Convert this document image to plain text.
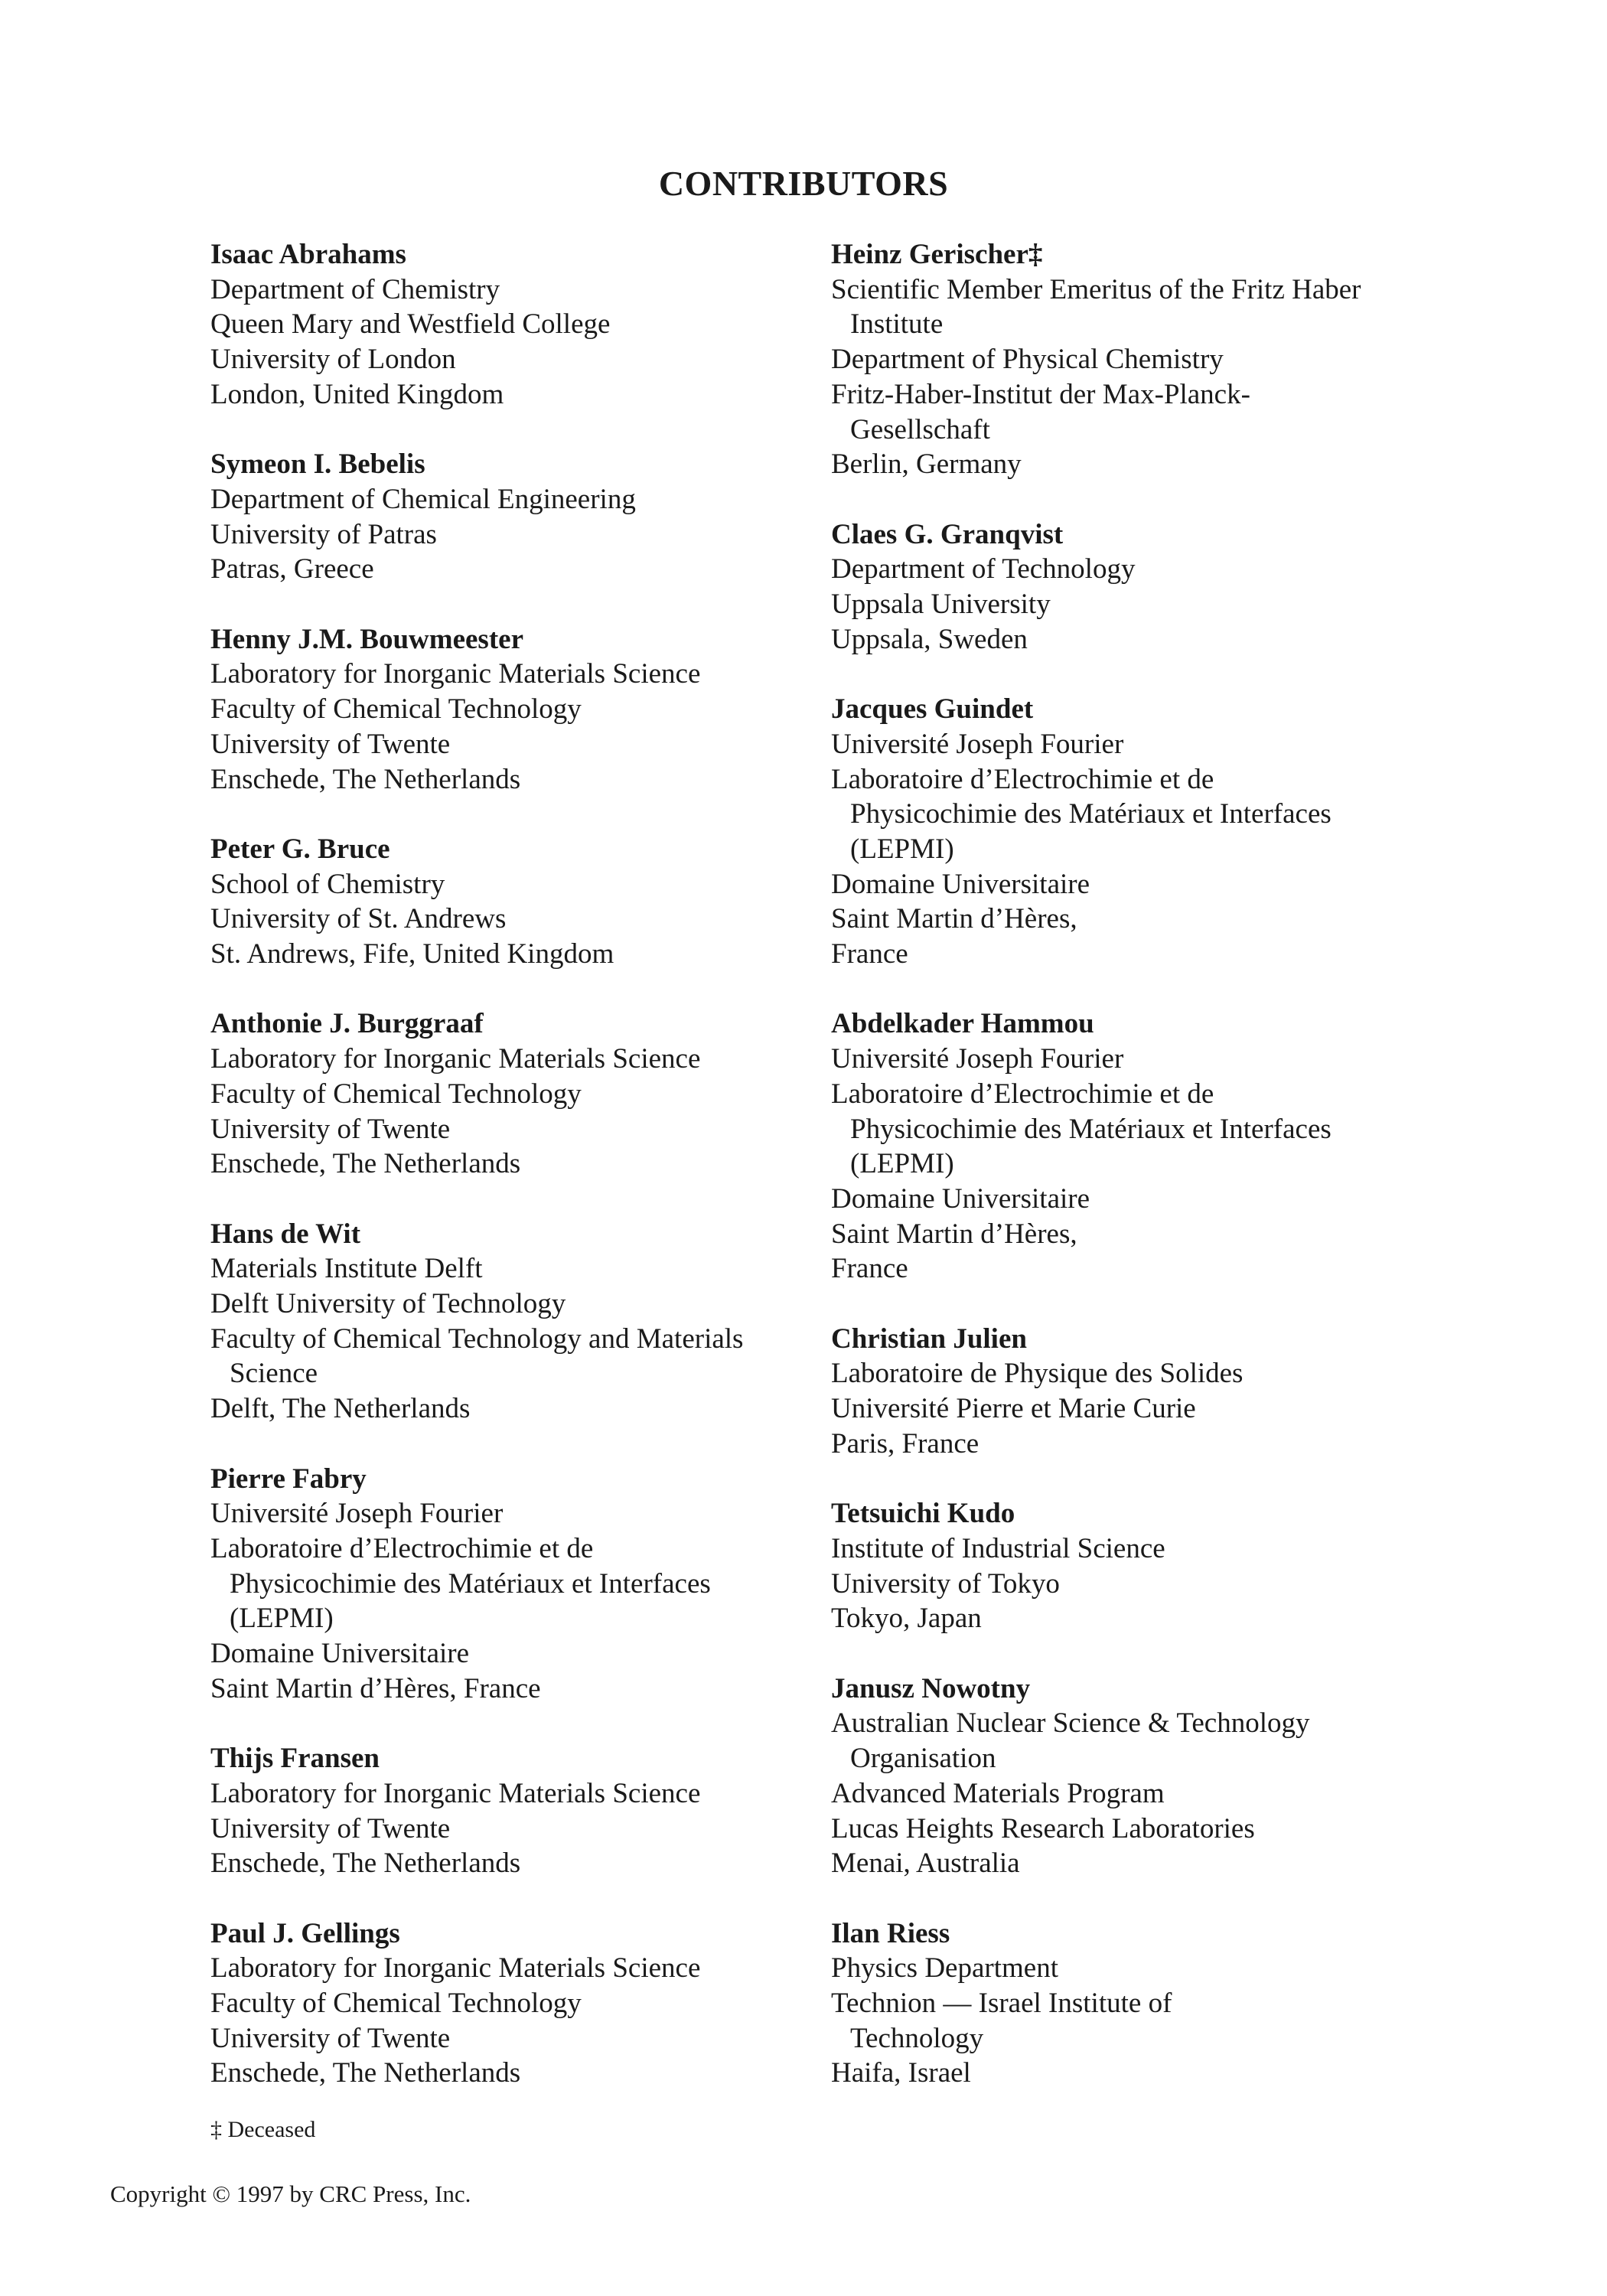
CONTRIBUTORS
Isaac Abrahams
Department of Chemistry
Queen Mary and Westfield College
University of London
London, United Kingdom
Symeon I. Bebelis
Department of Chemical Engineering
University of Patras
Patras, Greece
Henny J.M. Bouwmeester
Laboratory for Inorganic Materials Science
Faculty of Chemical Technology
University of Twente
Enschede, The Netherlands
Peter G. Bruce
School of Chemistry
University of St. Andrews
St. Andrews, Fife, United Kingdom
Anthonie J. Burggraaf
Laboratory for Inorganic Materials Science
Faculty of Chemical Technology
University of Twente
Enschede, The Netherlands
Hans de Wit
Materials Institute Delft
Delft University of Technology
Faculty of Chemical Technology and Materials
Science
Delft, The Netherlands
Pierre Fabry
Université Joseph Fourier
Laboratoire d’Electrochimie et de
Physicochimie des Matériaux et Interfaces
(LEPMI)
Domaine Universitaire
Saint Martin d’Hères, France
Thijs Fransen
Laboratory for Inorganic Materials Science
University of Twente
Enschede, The Netherlands
Paul J. Gellings
Laboratory for Inorganic Materials Science
Faculty of Chemical Technology
University of Twente
Enschede, The Netherlands
Heinz Gerischer‡
Scientific Member Emeritus of the Fritz Haber
Institute
Department of Physical Chemistry
Fritz-Haber-Institut der Max-Planck-
Gesellschaft
Berlin, Germany
Claes G. Granqvist
Department of Technology
Uppsala University
Uppsala, Sweden
Jacques Guindet
Université Joseph Fourier
Laboratoire d’Electrochimie et de
Physicochimie des Matériaux et Interfaces
(LEPMI)
Domaine Universitaire
Saint Martin d’Hères,
France
Abdelkader Hammou
Université Joseph Fourier
Laboratoire d’Electrochimie et de
Physicochimie des Matériaux et Interfaces
(LEPMI)
Domaine Universitaire
Saint Martin d’Hères,
France
Christian Julien
Laboratoire de Physique des Solides
Université Pierre et Marie Curie
Paris, France
Tetsuichi Kudo
Institute of Industrial Science
University of Tokyo
Tokyo, Japan
Janusz Nowotny
Australian Nuclear Science & Technology
Organisation
Advanced Materials Program
Lucas Heights Research Laboratories
Menai, Australia
Ilan Riess
Physics Department
Technion — Israel Institute of
Technology
Haifa, Israel
‡ Deceased
Copyright © 1997 by CRC Press, Inc.
